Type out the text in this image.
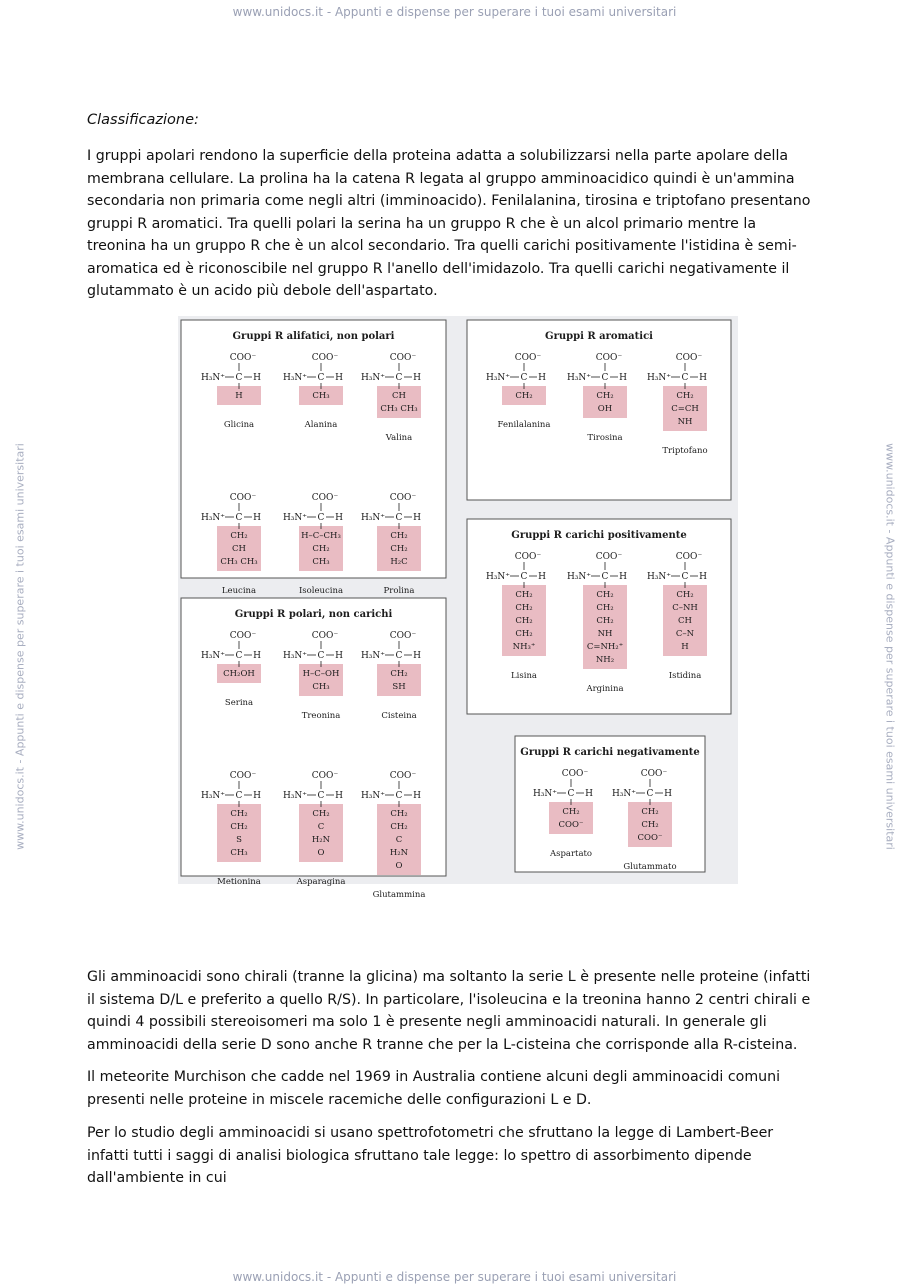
www.unidocs.it - Appunti e dispense per superare i tuoi esami universitari
www.unidocs.it - Appunti e dispense per superare i tuoi esami universitari	www.unidocs.it - Appunti e dispense per superare i tuoi esami universitari
Classificazione:
I gruppi apolari rendono la superficie della proteina adatta a solubilizzarsi nella parte apolare della membrana cellulare. La prolina ha la catena R legata al gruppo amminoacidico quindi è un'ammina secondaria non primaria come negli altri (imminoacido). Fenilalanina, tirosina e triptofano presentano gruppi R aromatici. Tra quelli polari la serina ha un gruppo R che è un alcol primario mentre la treonina ha un gruppo R che è un alcol secondario. Tra quelli carichi positivamente l'istidina è semi-aromatica ed è riconoscibile nel gruppo R l'anello dell'imidazolo. Tra quelli carichi negativamente il glutammato è un acido più debole dell'aspartato.
Gruppi R alifatici, non polari
COO⁻
H₃N⁺ C H
H
Glicina
COO⁻
H₃N⁺ C H
CH₃
Alanina
COO⁻
H₃N⁺ C H
CH
CH₃ CH₃
Valina
COO⁻
H₃N⁺ C H
CH₂
CH
CH₃ CH₃
Leucina
COO⁻
H₃N⁺ C H
H–C–CH₃
CH₂
CH₃
Isoleucina
COO⁻
H₃N⁺ C H
CH₂
CH₂
H₂C
Prolina
Gruppi R aromatici
COO⁻
H₃N⁺ C H
CH₂
Fenilalanina
COO⁻
H₃N⁺ C H
CH₂
OH
Tirosina
COO⁻
H₃N⁺ C H
CH₂
C=CH
NH
Triptofano
Gruppi R polari, non carichi
COO⁻
H₃N⁺ C H
CH₂OH
Serina
COO⁻
H₃N⁺ C H
H–C–OH
CH₃
Treonina
COO⁻
H₃N⁺ C H
CH₂
SH
Cisteina
COO⁻
H₃N⁺ C H
CH₂
CH₂
S
CH₃
Metionina
COO⁻
H₃N⁺ C H
CH₂
C
H₂N
O
Asparagina
COO⁻
H₃N⁺ C H
CH₂
CH₂
C
H₂N
O
Glutammina
Gruppi R carichi positivamente
COO⁻
H₃N⁺ C H
CH₂
CH₂
CH₂
CH₂
NH₃⁺
Lisina
COO⁻
H₃N⁺ C H
CH₂
CH₂
CH₂
NH
C=NH₂⁺
NH₂
Arginina
COO⁻
H₃N⁺ C H
CH₂
C–NH
CH
C–N
H
Istidina
Gruppi R carichi negativamente
COO⁻
H₃N⁺ C H
CH₂
COO⁻
Aspartato
COO⁻
H₃N⁺ C H
CH₂
CH₂
COO⁻
Glutammato
Gli amminoacidi sono chirali (tranne la glicina) ma soltanto la serie L è presente nelle proteine (infatti il sistema D/L e preferito a quello R/S). In particolare, l'isoleucina e la treonina hanno 2 centri chirali e quindi 4 possibili stereoisomeri ma solo 1 è presente negli amminoacidi naturali. In generale gli amminoacidi della serie D sono anche R tranne che per la L-cisteina che corrisponde alla R-cisteina.
Il meteorite Murchison che cadde nel 1969 in Australia contiene alcuni degli amminoacidi comuni presenti nelle proteine in miscele racemiche delle configurazioni L e D.
Per lo studio degli amminoacidi si usano spettrofotometri che sfruttano la legge di Lambert-Beer infatti tutti i saggi di analisi biologica sfruttano tale legge: lo spettro di assorbimento dipende dall'ambiente in cui
www.unidocs.it - Appunti e dispense per superare i tuoi esami universitari
